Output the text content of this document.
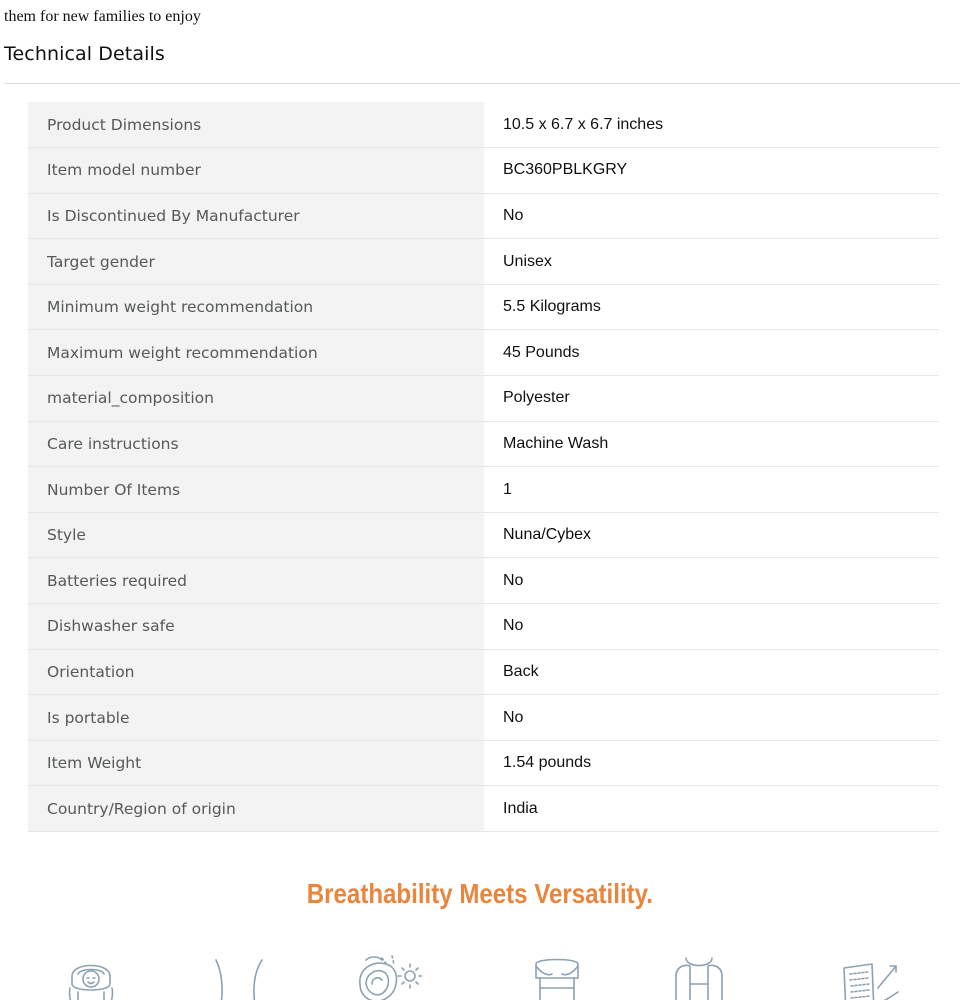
them for new families to enjoy
Technical Details
Product Dimensions	10.5 x 6.7 x 6.7 inches
Item model number	BC360PBLKGRY
Is Discontinued By Manufacturer	No
Target gender	Unisex
Minimum weight recommendation	5.5 Kilograms
Maximum weight recommendation	45 Pounds
material_composition	Polyester
Care instructions	Machine Wash
Number Of Items	1
Style	Nuna/Cybex
Batteries required	No
Dishwasher safe	No
Orientation	Back
Is portable	No
Item Weight	1.54 pounds
Country/Region of origin	India
Breathability Meets Versatility.
